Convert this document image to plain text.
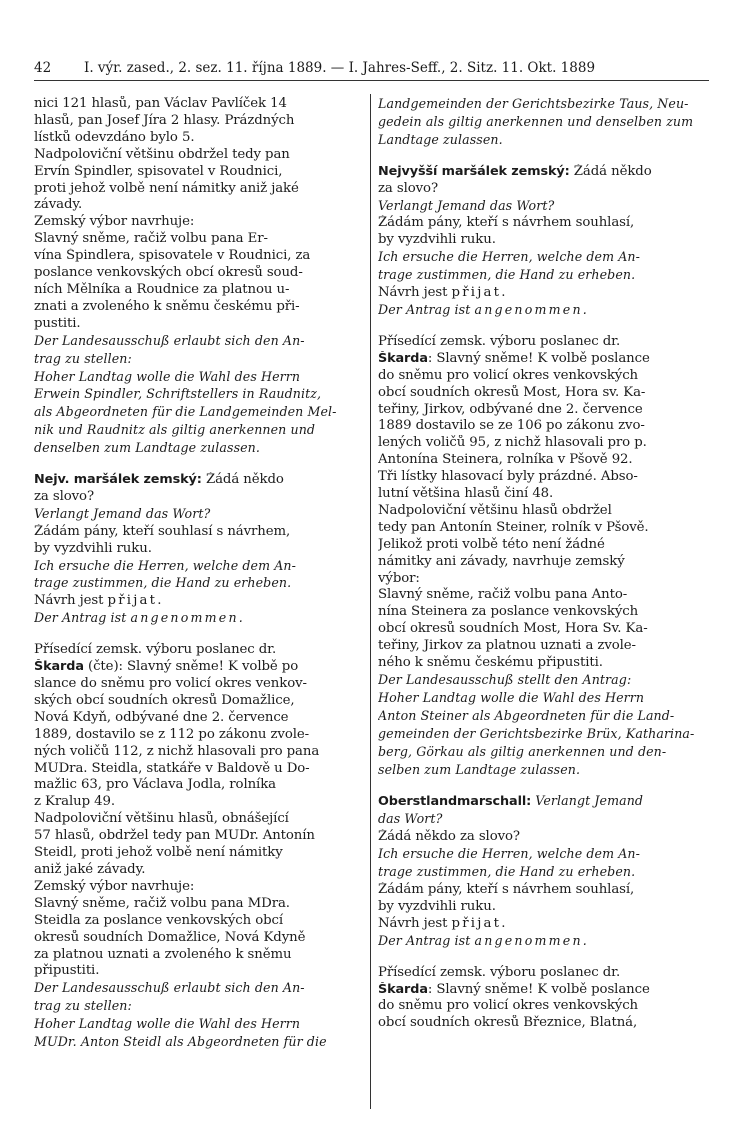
42 I. výr. zased., 2. sez. 11. října 1889. — I. Jahres-Seff., 2. Sitz. 11. Okt. 1889

nici 121 hlasů, pan Václav Pavlíček 14

hlasů, pan Josef Jíra 2 hlasy. Prázdných

lístků odevzdáno bylo 5.

Nadpoloviční většinu obdržel tedy pan

Ervín Špindler, spisovatel v Roudnici,

proti jehož volbě není námitky aniž jaké

závady.

Zemský výbor navrhuje:

Slavný sněme, račiž volbu pana Er-

vína Špindlera, spisovatele v Roudnici, za

poslance venkovských obcí okresů soud-

ních Mělníka a Roudnice za platnou u-

znati a zvoleného k sněmu českému při-

pustiti.

Der Landesausschuß erlaubt sich den An-

trag zu stellen:

Hoher Landtag wolle die Wahl des Herrn

Erwein Spindler, Schriftstellers in Raudnitz,

als Abgeordneten für die Landgemeinden Mel-

nik und Raudnitz als giltig anerkennen und

denselben zum Landtage zulassen.

Nejv. maršálek zemský: Žádá někdo

za slovo?

Verlangt Jemand das Wort?

Žádám pány, kteří souhlasí s návrhem,

by vyzdvihli ruku.

Ich ersuche die Herren, welche dem An-

trage zustimmen, die Hand zu erheben.

Návrh jest přijat.

Der Antrag ist angenommen.

Přísedící zemsk. výboru poslanec dr.

Škarda (čte): Slavný sněme! K volbě po

slance do sněmu pro volicí okres venkov-

ských obcí soudních okresů Domažlice,

Nová Kdyň, odbývané dne 2. července

1889, dostavilo se z 112 po zákonu zvole-

ných voličů 112, z nichž hlasovali pro pana

MUDra. Steidla, statkáře v Baldově u Do-

mažlic 63, pro Václava Jodla, rolníka

z Kralup 49.

Nadpoloviční většinu hlasů, obnášející

57 hlasů, obdržel tedy pan MUDr. Antonín

Steidl, proti jehož volbě není námitky

aniž jaké závady.

Zemský výbor navrhuje:

Slavný sněme, račiž volbu pana MDra.

Steidla za poslance venkovských obcí

okresů soudních Domažlice, Nová Kdyně

za platnou uznati a zvoleného k sněmu

připustiti.

Der Landesausschuß erlaubt sich den An-

trag zu stellen:

Hoher Landtag wolle die Wahl des Herrn

MUDr. Anton Steidl als Abgeordneten für die

Landgemeinden der Gerichtsbezirke Taus, Neu-

gedein als giltig anerkennen und denselben zum

Landtage zulassen.

Nejvyšší maršálek zemský: Žádá někdo

za slovo?

Verlangt Jemand das Wort?

Žádám pány, kteří s návrhem souhlasí,

by vyzdvihli ruku.

Ich ersuche die Herren, welche dem An-

trage zustimmen, die Hand zu erheben.

Návrh jest přijat.

Der Antrag ist angenommen.

Přísedící zemsk. výboru poslanec dr.

Škarda: Slavný sněme! K volbě poslance

do sněmu pro volicí okres venkovských

obcí soudních okresů Most, Hora sv. Ka-

teřiny, Jirkov, odbývané dne 2. července

1889 dostavilo se ze 106 po zákonu zvo-

lených voličů 95, z nichž hlasovali pro p.

Antonína Steinera, rolníka v Pšově 92.

Tři lístky hlasovací byly prázdné. Abso-

lutní většina hlasů činí 48.

Nadpoloviční většinu hlasů obdržel

tedy pan Antonín Steiner, rolník v Pšově.

Jelikož proti volbě této není žádné

námitky ani závady, navrhuje zemský

výbor:

Slavný sněme, račiž volbu pana Anto-

nína Steinera za poslance venkovských

obcí okresů soudních Most, Hora Sv. Ka-

teřiny, Jirkov za platnou uznati a zvole-

ného k sněmu českému připustiti.

Der Landesausschuß stellt den Antrag:

Hoher Landtag wolle die Wahl des Herrn

Anton Steiner als Abgeordneten für die Land-

gemeinden der Gerichtsbezirke Brüx, Katharina-

berg, Görkau als giltig anerkennen und den-

selben zum Landtage zulassen.

Oberstlandmarschall: Verlangt Jemand

das Wort?

Žádá někdo za slovo?

Ich ersuche die Herren, welche dem An-

trage zustimmen, die Hand zu erheben.

Žádám pány, kteří s návrhem souhlasí,

by vyzdvihli ruku.

Návrh jest přijat.

Der Antrag ist angenommen.

Přísedící zemsk. výboru poslanec dr.

Škarda: Slavný sněme! K volbě poslance

do sněmu pro volicí okres venkovských

obcí soudních okresů Březnice, Blatná,
